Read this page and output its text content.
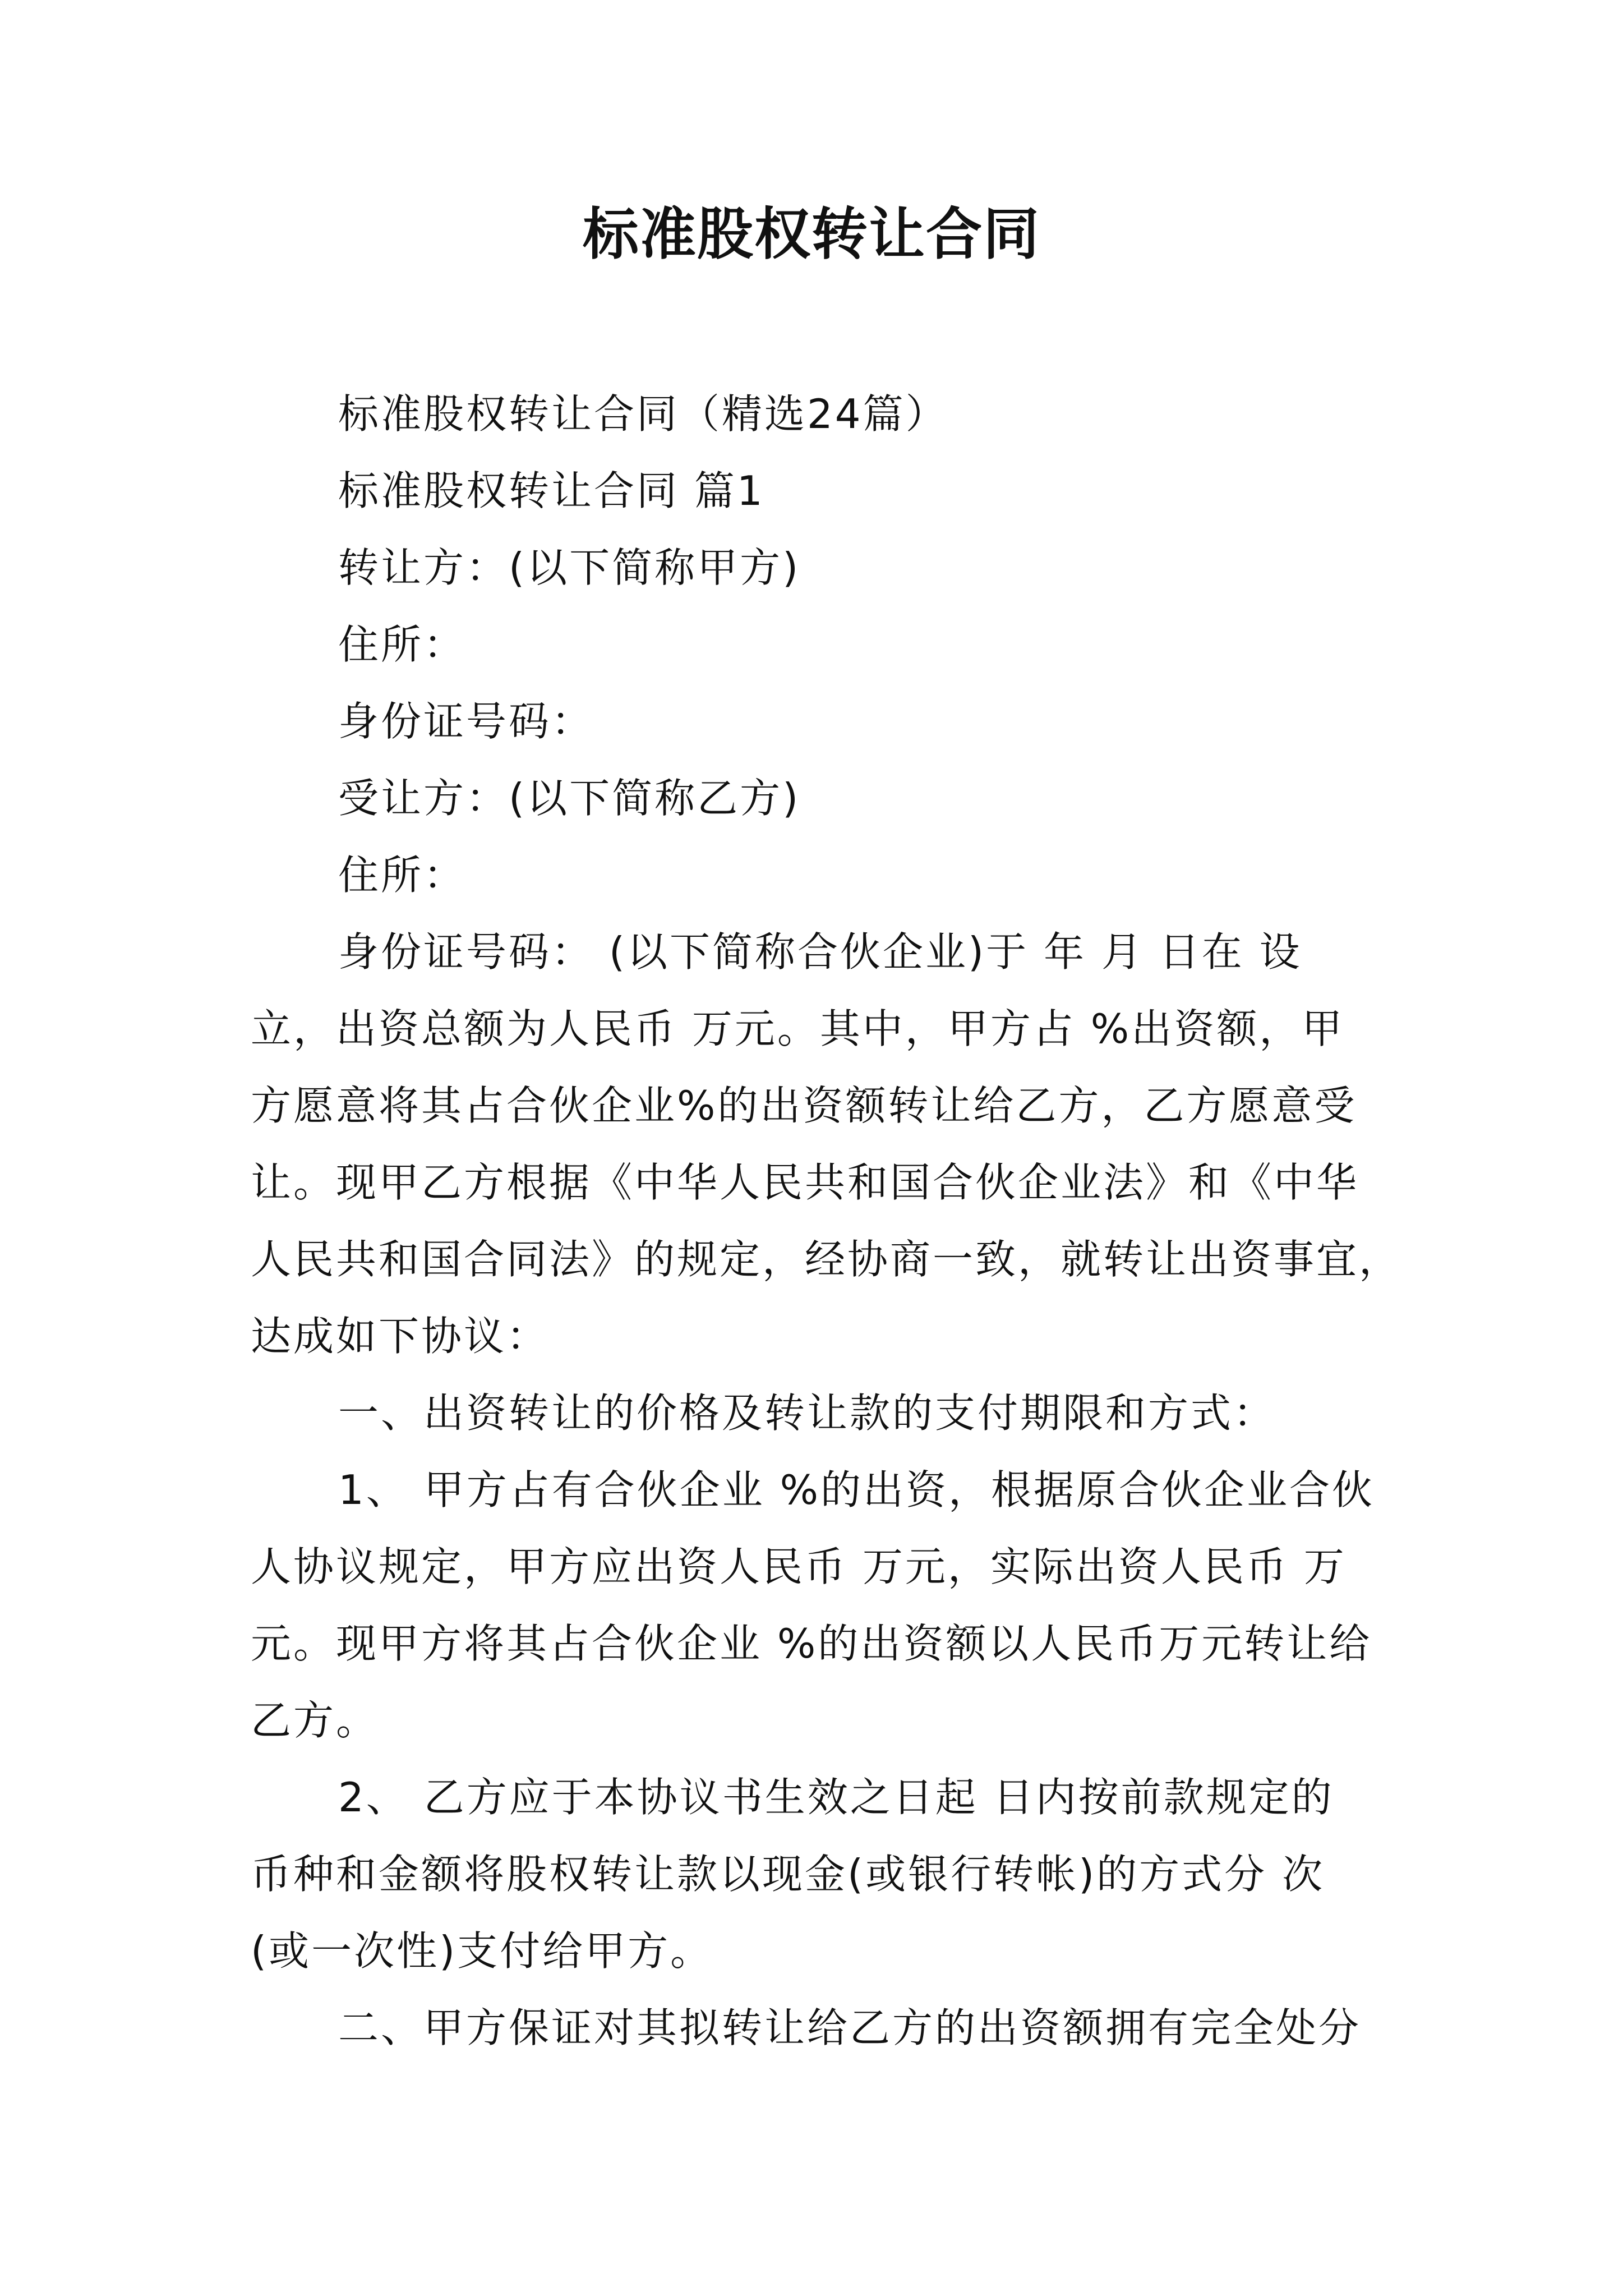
标准股权转让合同
标准股权转让合同（精选24篇）
标准股权转让合同 篇1
转让方：(以下简称甲方)
住所：
身份证号码：
受让方：(以下简称乙方)
住所：
身份证号码： (以下简称合伙企业)于 年 月 日在 设
立，出资总额为人民币 万元。其中，甲方占 %出资额，甲
方愿意将其占合伙企业%的出资额转让给乙方，乙方愿意受
让。现甲乙方根据《中华人民共和国合伙企业法》和《中华
人民共和国合同法》的规定，经协商一致，就转让出资事宜，
达成如下协议：
一、出资转让的价格及转让款的支付期限和方式：
1、 甲方占有合伙企业 %的出资，根据原合伙企业合伙
人协议规定，甲方应出资人民币 万元，实际出资人民币 万
元。现甲方将其占合伙企业 %的出资额以人民币万元转让给
乙方。
2、 乙方应于本协议书生效之日起 日内按前款规定的
币种和金额将股权转让款以现金(或银行转帐)的方式分 次
(或一次性)支付给甲方。
二、甲方保证对其拟转让给乙方的出资额拥有完全处分
